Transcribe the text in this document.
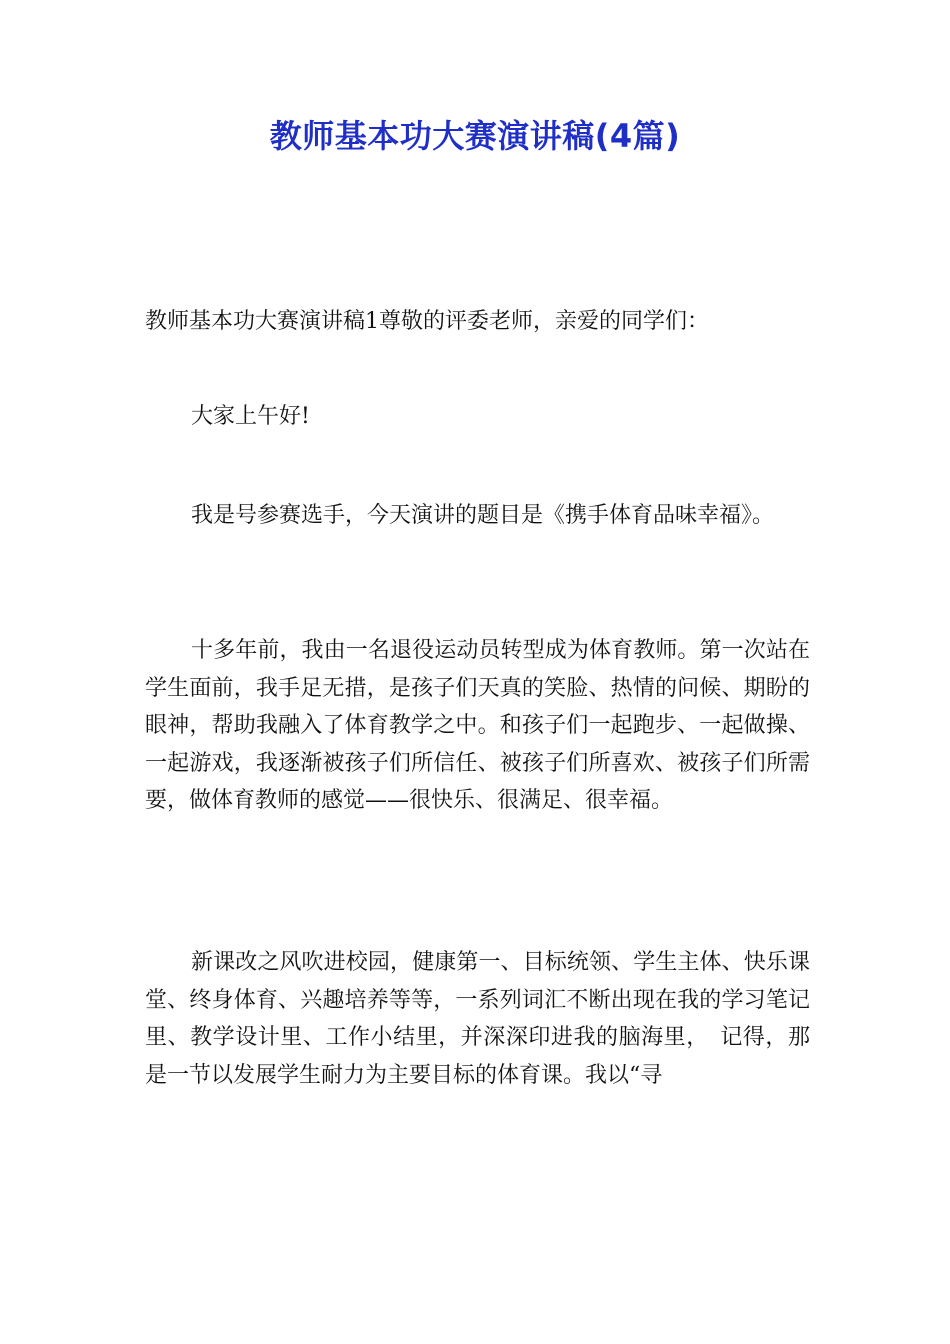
教师基本功大赛演讲稿(4篇)

教师基本功大赛演讲稿1尊敬的评委老师，亲爱的同学们：

大家上午好!

我是号参赛选手，今天演讲的题目是《携手体育品味幸福》。

十多年前，我由一名退役运动员转型成为体育教师。第一次站在学生面前，我手足无措，是孩子们天真的笑脸、热情的问候、期盼的眼神，帮助我融入了体育教学之中。和孩子们一起跑步、一起做操、一起游戏，我逐渐被孩子们所信任、被孩子们所喜欢、被孩子们所需要，做体育教师的感觉——很快乐、很满足、很幸福。

新课改之风吹进校园，健康第一、目标统领、学生主体、快乐课堂、终身体育、兴趣培养等等，一系列词汇不断出现在我的学习笔记里、教学设计里、工作小结里，并深深印进我的脑海里，　记得，那是一节以发展学生耐力为主要目标的体育课。我以“寻
